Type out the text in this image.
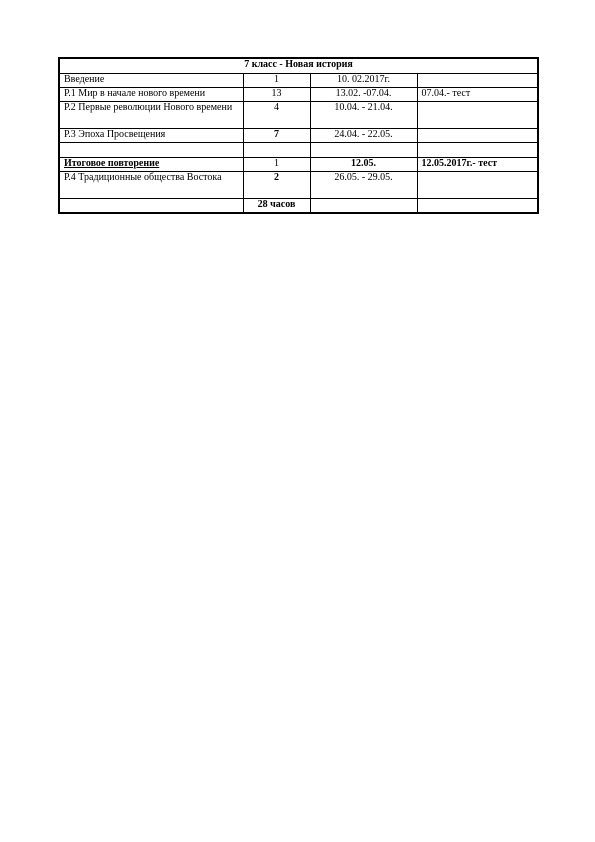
7 класс - Новая история			
Введение	1	10. 02.2017г.	
Р.1 Мир в начале нового времени	13	13.02. -07.04.	07.04.- тест
Р.2 Первые революции Нового времени	4	10.04. - 21.04.	
Р.3 Эпоха Просвещения	7	24.04. - 22.05.	

Итоговое повторение	1	12.05.	12.05.2017г.- тест
Р.4 Традиционные общества Востока	2	26.05. - 29.05.	
	28 часов		
